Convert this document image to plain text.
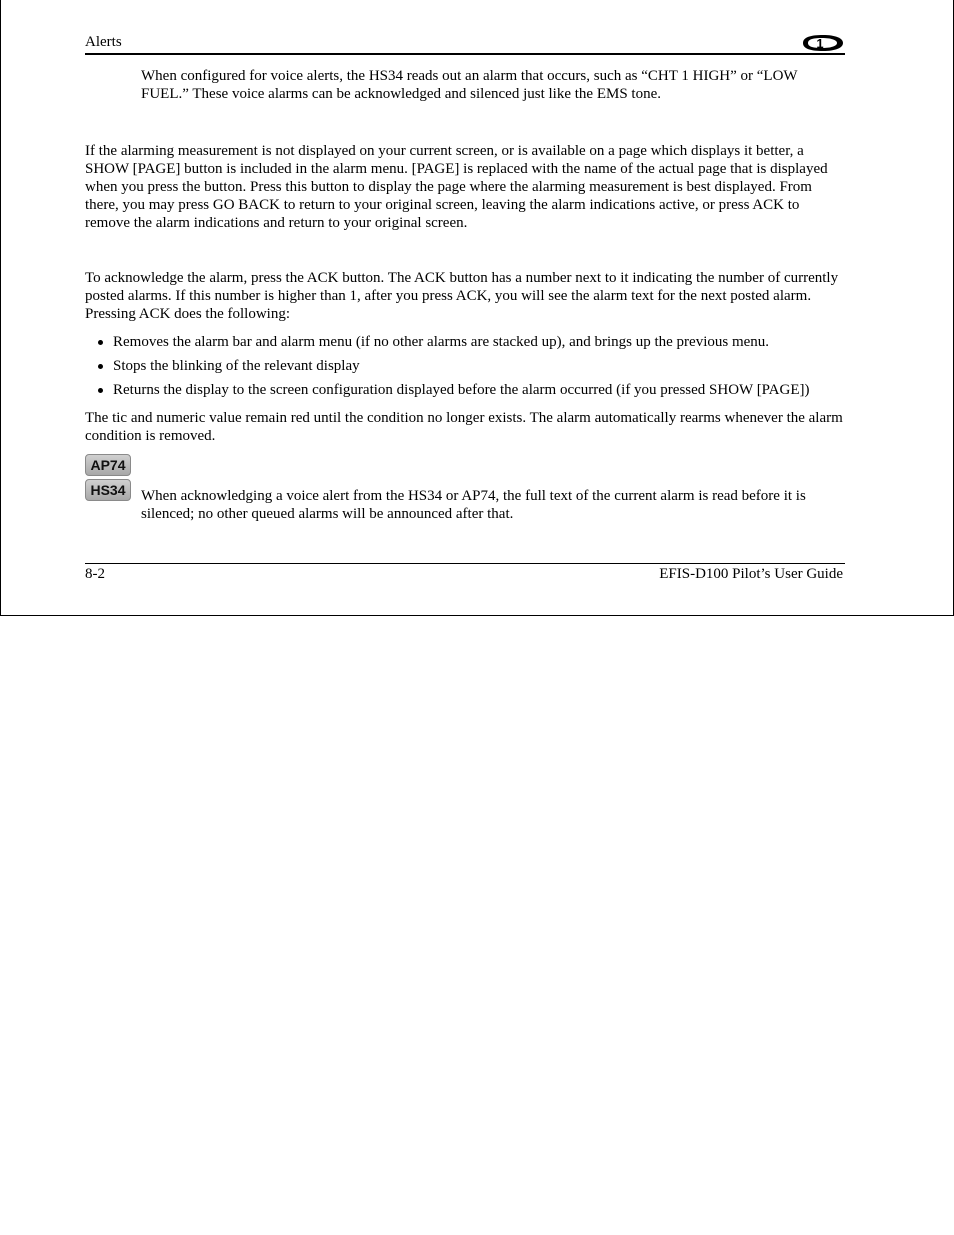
Alerts	1

When configured for voice alerts, the HS34 reads out an alarm that occurs, such as “CHT 1 HIGH” or “LOW FUEL.” These voice alarms can be acknowledged and silenced just like the EMS tone.

If the alarming measurement is not displayed on your current screen, or is available on a page which displays it better, a SHOW [PAGE] button is included in the alarm menu. [PAGE] is replaced with the name of the actual page that is displayed when you press the button. Press this button to display the page where the alarming measurement is best displayed. From there, you may press GO BACK to return to your original screen, leaving the alarm indications active, or press ACK to remove the alarm indications and return to your original screen.

To acknowledge the alarm, press the ACK button. The ACK button has a number next to it indicating the number of currently posted alarms. If this number is higher than 1, after you press ACK, you will see the alarm text for the next posted alarm. Pressing ACK does the following:

Removes the alarm bar and alarm menu (if no other alarms are stacked up), and brings up the previous menu.
Stops the blinking of the relevant display
Returns the display to the screen configuration displayed before the alarm occurred (if you pressed SHOW [PAGE])

The tic and numeric value remain red until the condition no longer exists. The alarm automatically rearms whenever the alarm condition is removed.

AP74
HS34	When acknowledging a voice alert from the HS34 or AP74, the full text of the current alarm is read before it is silenced; no other queued alarms will be announced after that.

8-2	EFIS-D100 Pilot’s User Guide
